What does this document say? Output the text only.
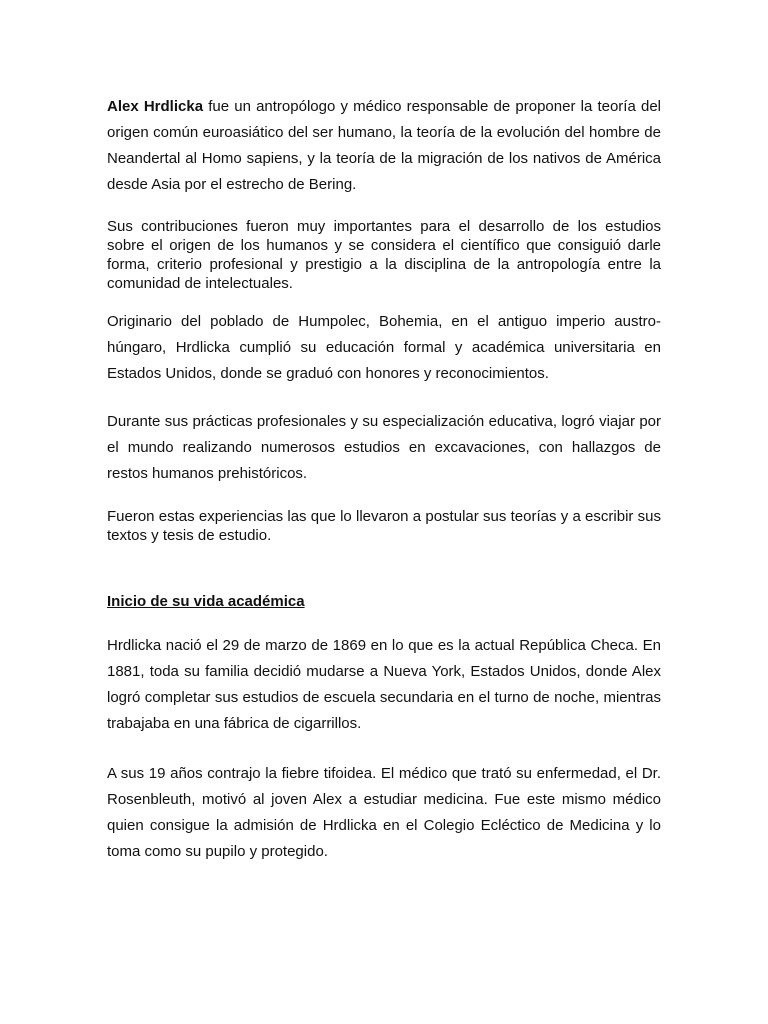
Alex Hrdlicka fue un antropólogo y médico responsable de proponer la teoría del origen común euroasiático del ser humano, la teoría de la evolución del hombre de Neandertal al Homo sapiens, y la teoría de la migración de los nativos de América desde Asia por el estrecho de Bering.

Sus contribuciones fueron muy importantes para el desarrollo de los estudios sobre el origen de los humanos y se considera el científico que consiguió darle forma, criterio profesional y prestigio a la disciplina de la antropología entre la comunidad de intelectuales.

Originario del poblado de Humpolec, Bohemia, en el antiguo imperio austro-húngaro, Hrdlicka cumplió su educación formal y académica universitaria en Estados Unidos, donde se graduó con honores y reconocimientos.

Durante sus prácticas profesionales y su especialización educativa, logró viajar por el mundo realizando numerosos estudios en excavaciones, con hallazgos de restos humanos prehistóricos.

Fueron estas experiencias las que lo llevaron a postular sus teorías y a escribir sus textos y tesis de estudio.

Inicio de su vida académica

Hrdlicka nació el 29 de marzo de 1869 en lo que es la actual República Checa. En 1881, toda su familia decidió mudarse a Nueva York, Estados Unidos, donde Alex logró completar sus estudios de escuela secundaria en el turno de noche, mientras trabajaba en una fábrica de cigarrillos.

A sus 19 años contrajo la fiebre tifoidea. El médico que trató su enfermedad, el Dr. Rosenbleuth, motivó al joven Alex a estudiar medicina. Fue este mismo médico quien consigue la admisión de Hrdlicka en el Colegio Ecléctico de Medicina y lo toma como su pupilo y protegido.
